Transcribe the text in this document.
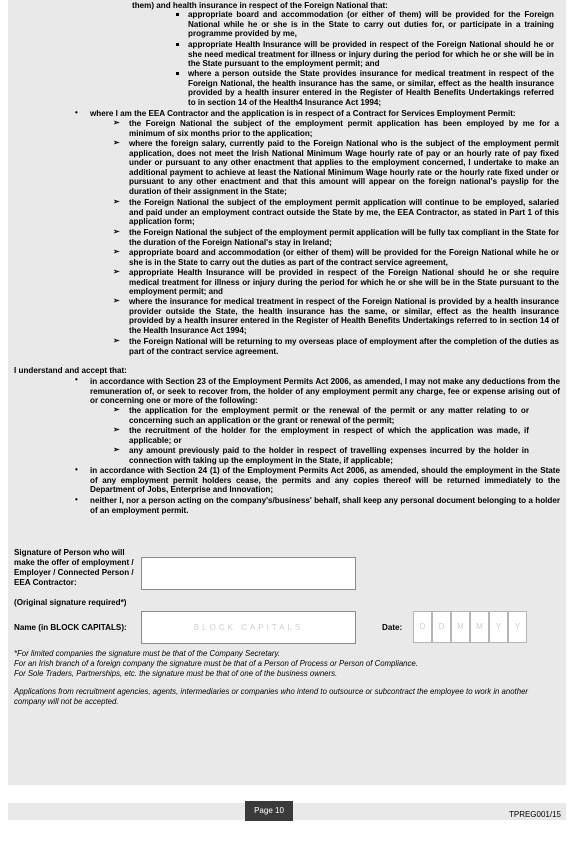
them) and health insurance in respect of the Foreign National that:
appropriate board and accommodation (or either of them) will be provided for the Foreign National while he or she is in the State to carry out duties for, or participate in a training programme provided by me,
appropriate Health Insurance will be provided in respect of the Foreign National should he or she need medical treatment for illness or injury during the period for which he or she will be in the State pursuant to the employment permit; and
where a person outside the State provides insurance for medical treatment in respect of the Foreign National, the health insurance has the same, or similar, effect as the health insurance provided by a health insurer entered in the Register of Health Benefits Undertakings referred to in section 14 of the Health4 Insurance Act 1994;
• where I am the EEA Contractor and the application is in respect of a Contract for Services Employment Permit:
➢ the Foreign National the subject of the employment permit application has been employed by me for a minimum of six months prior to the application;
➢ where the foreign salary, currently paid to the Foreign National who is the subject of the employment permit application, does not meet the Irish National Minimum Wage hourly rate of pay or an hourly rate of pay fixed under or pursuant to any other enactment that applies to the employment concerned, I undertake to make an additional payment to achieve at least the National Minimum Wage hourly rate or the hourly rate fixed under or pursuant to any other enactment and that this amount will appear on the foreign national's payslip for the duration of their assignment in the State;
➢ the Foreign National the subject of the employment permit application will continue to be employed, salaried and paid under an employment contract outside the State by me, the EEA Contractor, as stated in Part 1 of this application form;
➢ the Foreign National the subject of the employment permit application will be fully tax compliant in the State for the duration of the Foreign National's stay in Ireland;
➢ appropriate board and accommodation (or either of them) will be provided for the Foreign National while he or she is in the State to carry out the duties as part of the contract service agreement,
➢ appropriate Health Insurance will be provided in respect of the Foreign National should he or she require medical treatment for illness or injury during the period for which he or she will be in the State pursuant to the employment permit; and
➢ where the insurance for medical treatment in respect of the Foreign National is provided by a health insurance provider outside the State, the health insurance has the same, or similar, effect as the health insurance provided by a health insurer entered in the Register of Health Benefits Undertakings referred to in section 14 of the Health Insurance Act 1994;
➢ the Foreign National will be returning to my overseas place of employment after the completion of the duties as part of the contract service agreement.
I understand and accept that:
• in accordance with Section 23 of the Employment Permits Act 2006, as amended, I may not make any deductions from the remuneration of, or seek to recover from, the holder of any employment permit any charge, fee or expense arising out of or concerning one or more of the following:
➢ the application for the employment permit or the renewal of the permit or any matter relating to or concerning such an application or the grant or renewal of the permit;
➢ the recruitment of the holder for the employment in respect of which the application was made, if applicable; or
➢ any amount previously paid to the holder in respect of travelling expenses incurred by the holder in connection with taking up the employment in the State, if applicable;
• in accordance with Section 24 (1) of the Employment Permits Act 2006, as amended, should the employment in the State of any employment permit holders cease, the permits and any copies thereof will be returned immediately to the Department of Jobs, Enterprise and Innovation;
• neither I, nor a person acting on the company's/business' behalf, shall keep any personal document belonging to a holder of an employment permit.
Signature of Person who will make the offer of employment / Employer / Connected Person / EEA Contractor:
(Original signature required*)
Name (in BLOCK CAPITALS):	BLOCK CAPITALS	Date:	D	D	M	M	Y	Y
*For limited companies the signature must be that of the Company Secretary.
For an Irish branch of a foreign company the signature must be that of a Person of Process or Person of Compliance.
For Sole Traders, Partnerships, etc. the signature must be that of one of the business owners.
Applications from recruitment agencies, agents, intermediaries or companies who intend to outsource or subcontract the employee to work in another company will not be accepted.
Page 10	TPREG001/15
